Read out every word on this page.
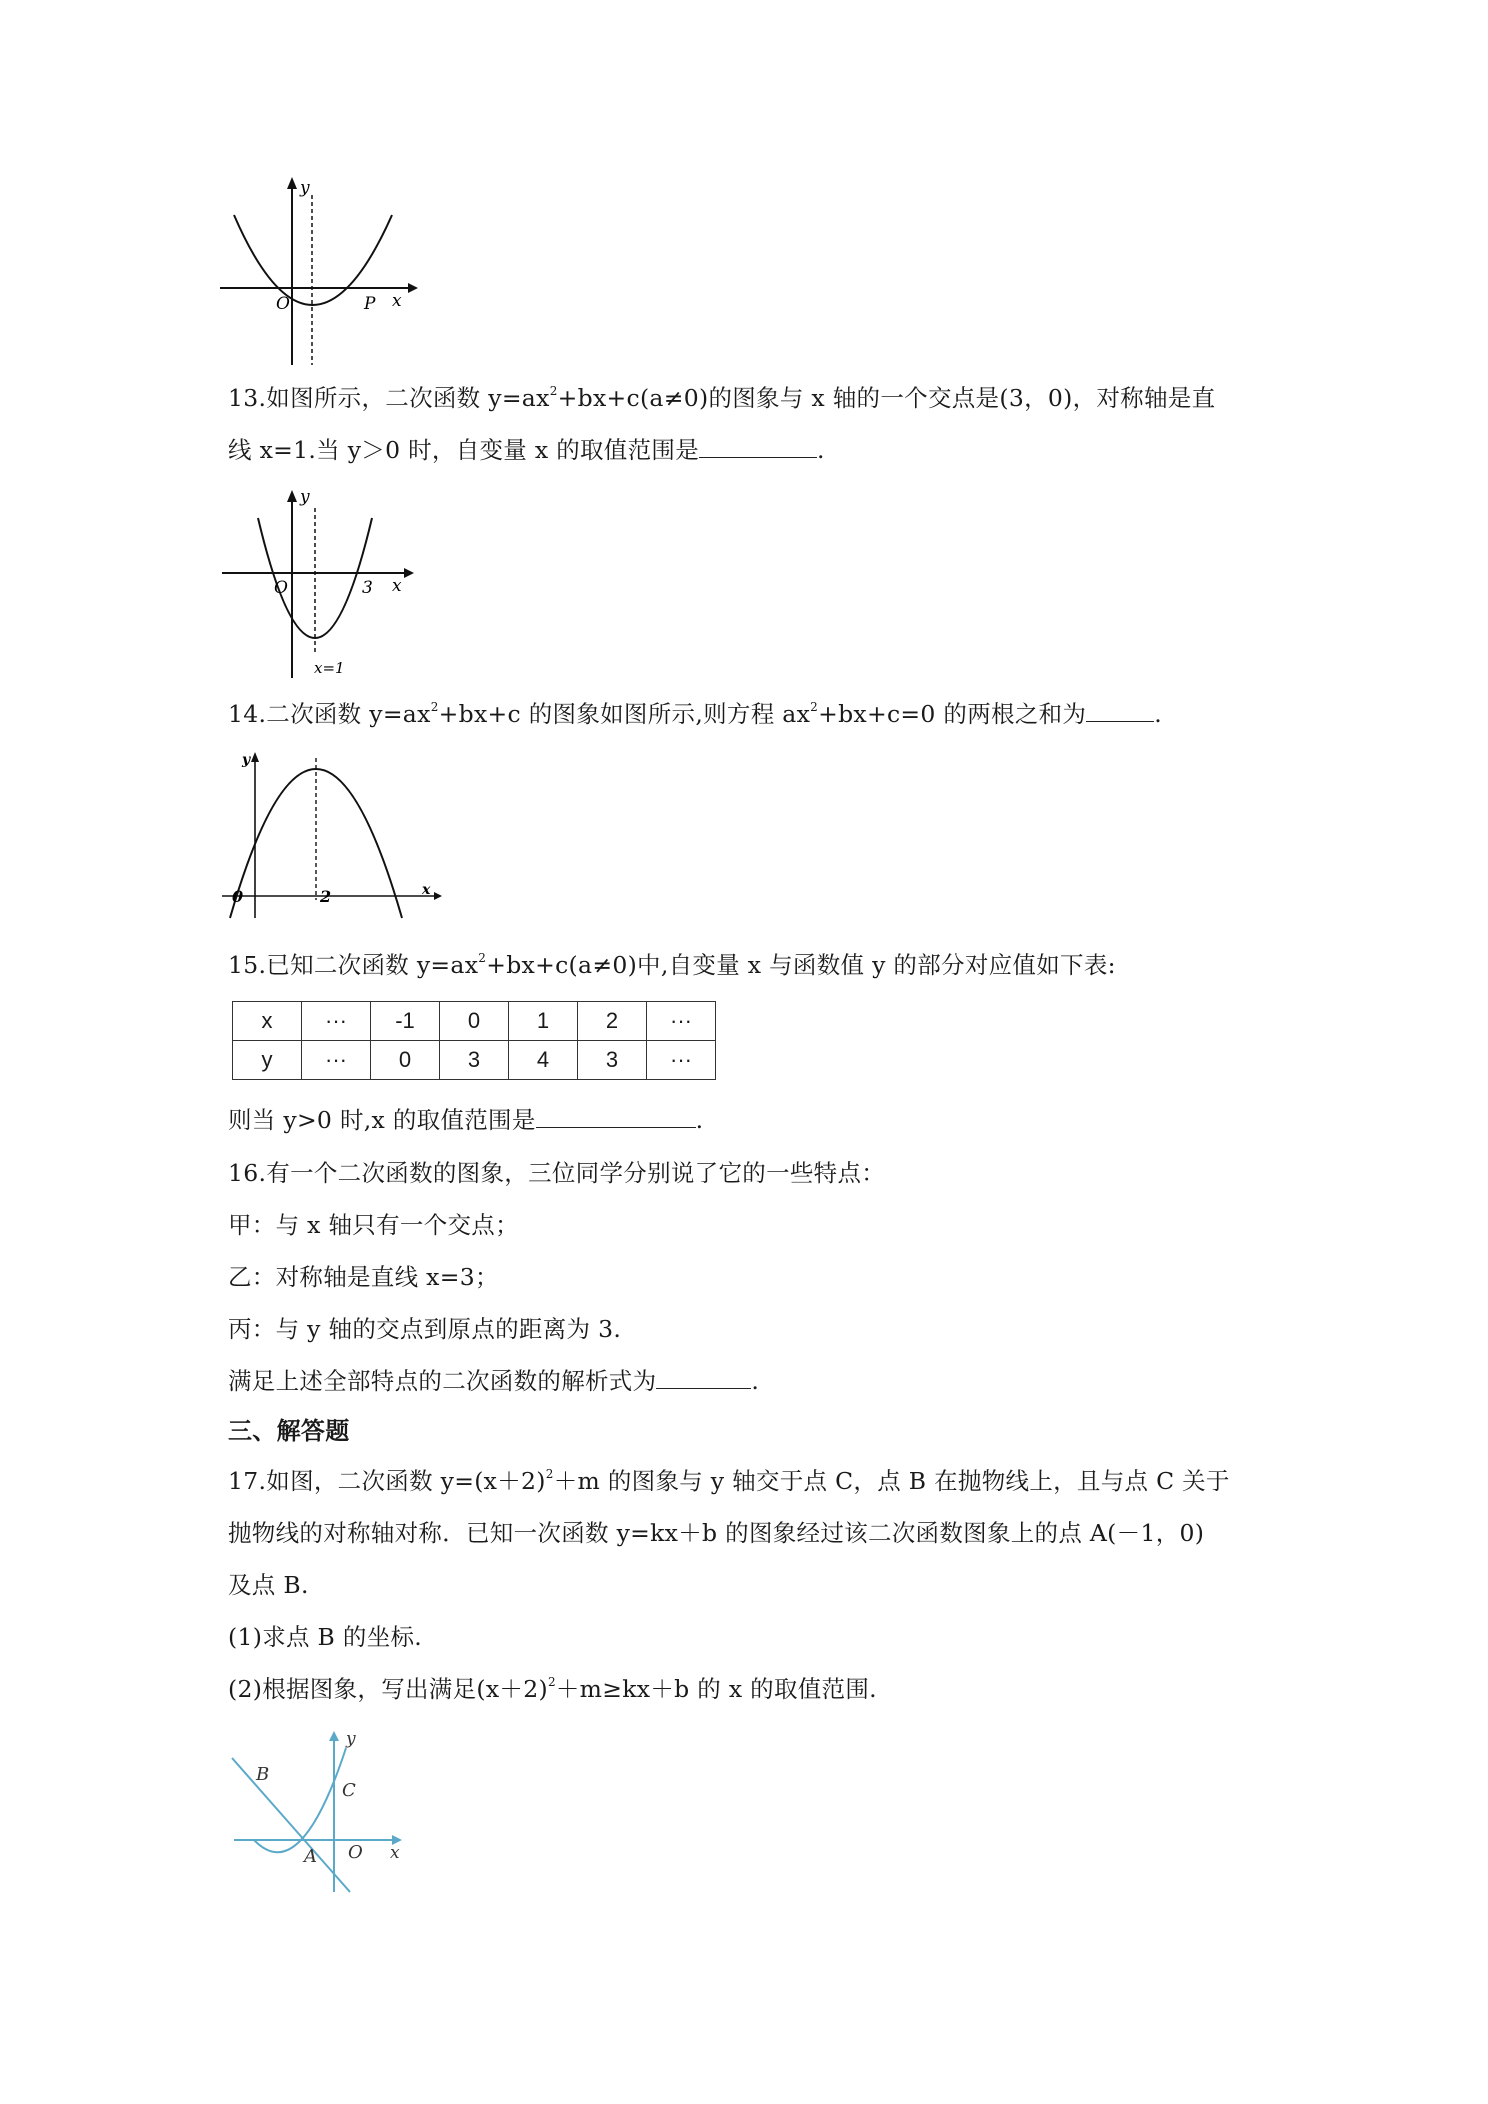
y
O	P x
13.如图所示，二次函数 $y=ax^2+bx+c(a\ne 0)$的图象与 x 轴的一个交点是(3，0)，对称轴是直
线 x=1.当 y＞0 时，自变量 x 的取值范围是	.
y
O	3 x
x=1
14.二次函数 $y=ax^2+bx+c$ 的图象如图所示,则方程 $ax^2+bx+c=0$ 的两根之和为	.
y
0	2	x
15.已知二次函数 $y=ax^2+bx+c(a\ne 0)$中,自变量 x 与函数值 y 的部分对应值如下表:
x	···	-1	0	1	2	···
y	···	0	3	4	3	···
则当 y>0 时,x 的取值范围是	.
16.有一个二次函数的图象，三位同学分别说了它的一些特点：
甲：与 x 轴只有一个交点；
乙：对称轴是直线 x=3；
丙：与 y 轴的交点到原点的距离为 3.
满足上述全部特点的二次函数的解析式为	.
三、解答题
17.如图，二次函数 $y=(x+2)^2+m$ 的图象与 y 轴交于点 C，点 B 在抛物线上，且与点 C 关于
抛物线的对称轴对称．已知一次函数 y=kx＋b 的图象经过该二次函数图象上的点 A(－1，0)
及点 B.
(1)求点 B 的坐标.
(2)根据图象，写出满足$(x+2)^2+m\ge kx+b$ 的 x 的取值范围.
B
C
y
A O x
